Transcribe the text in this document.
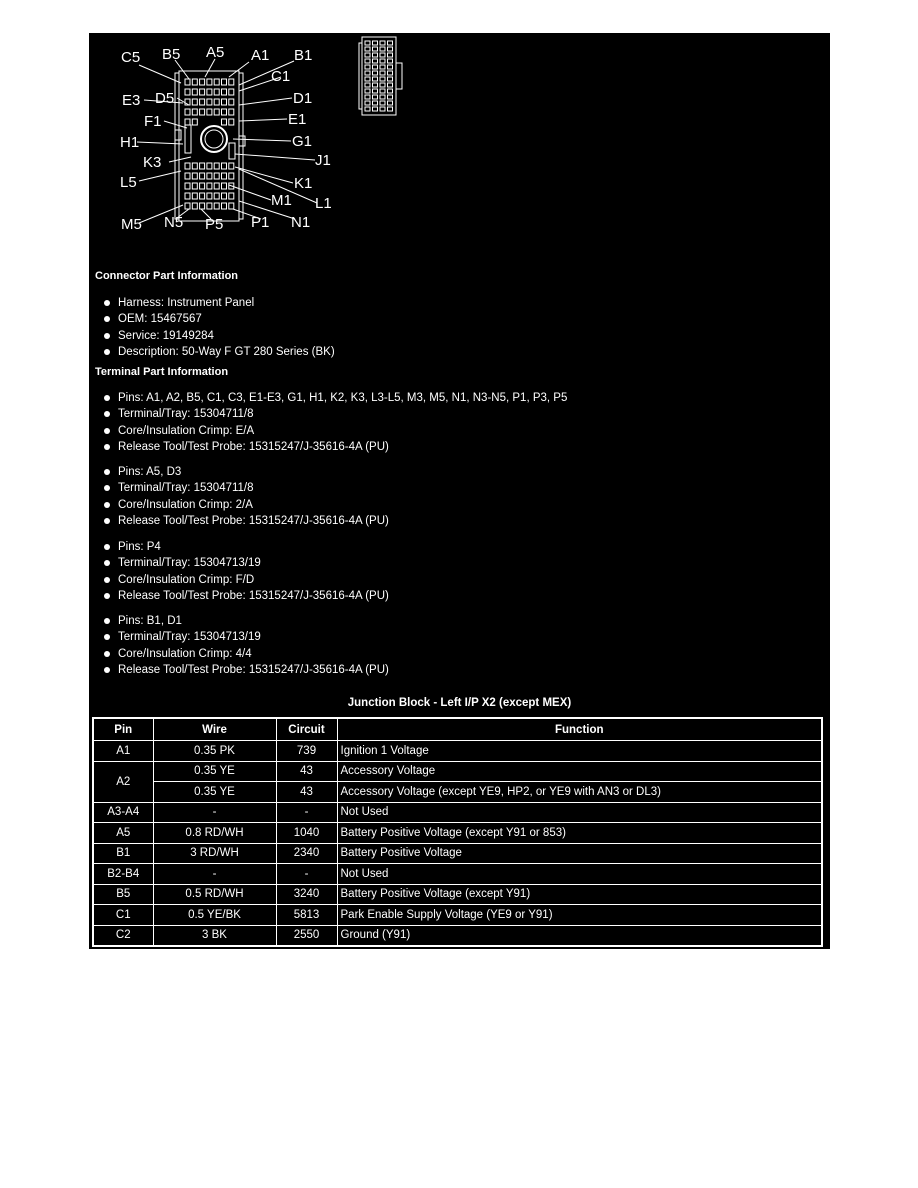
C5 B5 A5 A1 B1
C1
E3 D5	D1
F1	E1
H1	G1
K3	J1
L5	K1
L1
M1
M5 N5 P5 P1 N1
Connector Part Information
Harness: Instrument Panel
OEM: 15467567
Service: 19149284
Description: 50-Way F GT 280 Series (BK)
Terminal Part Information
Pins: A1, A2, B5, C1, C3, E1-E3, G1, H1, K2, K3, L3-L5, M3, M5, N1, N3-N5, P1, P3, P5
Terminal/Tray: 15304711/8
Core/Insulation Crimp: E/A
Release Tool/Test Probe: 15315247/J-35616-4A (PU)
Pins: A5, D3
Terminal/Tray: 15304711/8
Core/Insulation Crimp: 2/A
Release Tool/Test Probe: 15315247/J-35616-4A (PU)
Pins: P4
Terminal/Tray: 15304713/19
Core/Insulation Crimp: F/D
Release Tool/Test Probe: 15315247/J-35616-4A (PU)
Pins: B1, D1
Terminal/Tray: 15304713/19
Core/Insulation Crimp: 4/4
Release Tool/Test Probe: 15315247/J-35616-4A (PU)
Junction Block - Left I/P X2 (except MEX)
Pin	Wire	Circuit	Function
A1	0.35 PK	739	Ignition 1 Voltage
A2	0.35 YE	43	Accessory Voltage
	0.35 YE	43	Accessory Voltage (except YE9, HP2, or YE9 with AN3 or DL3)
A3-A4	-	-	Not Used
A5	0.8 RD/WH	1040	Battery Positive Voltage (except Y91 or 853)
B1	3 RD/WH	2340	Battery Positive Voltage
B2-B4	-	-	Not Used
B5	0.5 RD/WH	3240	Battery Positive Voltage (except Y91)
C1	0.5 YE/BK	5813	Park Enable Supply Voltage (YE9 or Y91)
C2	3 BK	2550	Ground (Y91)
